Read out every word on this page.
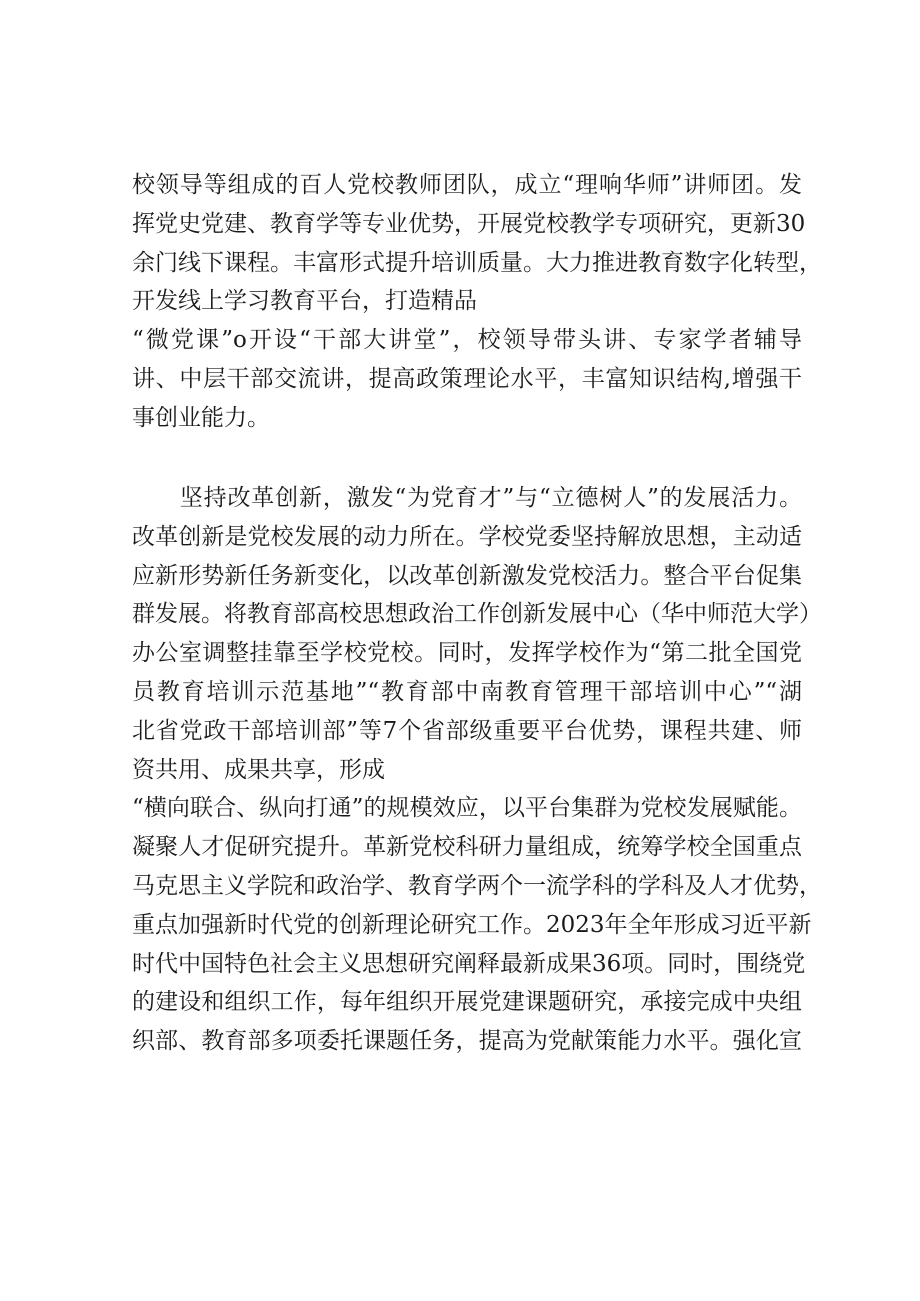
校领导等组成的百人党校教师团队，成立“理响华师”讲师团。发
挥党史党建、教育学等专业优势，开展党校教学专项研究，更新30
余门线下课程。丰富形式提升培训质量。大力推进教育数字化转型，
开发线上学习教育平台，打造精品
“微党课”o开设“干部大讲堂”，校领导带头讲、专家学者辅导
讲、中层干部交流讲，提高政策理论水平，丰富知识结构,增强干
事创业能力。
　　坚持改革创新，激发“为党育才”与“立德树人”的发展活力。
改革创新是党校发展的动力所在。学校党委坚持解放思想，主动适
应新形势新任务新变化，以改革创新激发党校活力。整合平台促集
群发展。将教育部高校思想政治工作创新发展中心（华中师范大学）
办公室调整挂靠至学校党校。同时，发挥学校作为“第二批全国党
员教育培训示范基地”“教育部中南教育管理干部培训中心”“湖
北省党政干部培训部”等7个省部级重要平台优势，课程共建、师
资共用、成果共享，形成
“横向联合、纵向打通”的规模效应，以平台集群为党校发展赋能。
凝聚人才促研究提升。革新党校科研力量组成，统筹学校全国重点
马克思主义学院和政治学、教育学两个一流学科的学科及人才优势，
重点加强新时代党的创新理论研究工作。2023年全年形成习近平新
时代中国特色社会主义思想研究阐释最新成果36项。同时，围绕党
的建设和组织工作，每年组织开展党建课题研究，承接完成中央组
织部、教育部多项委托课题任务，提高为党献策能力水平。强化宣
